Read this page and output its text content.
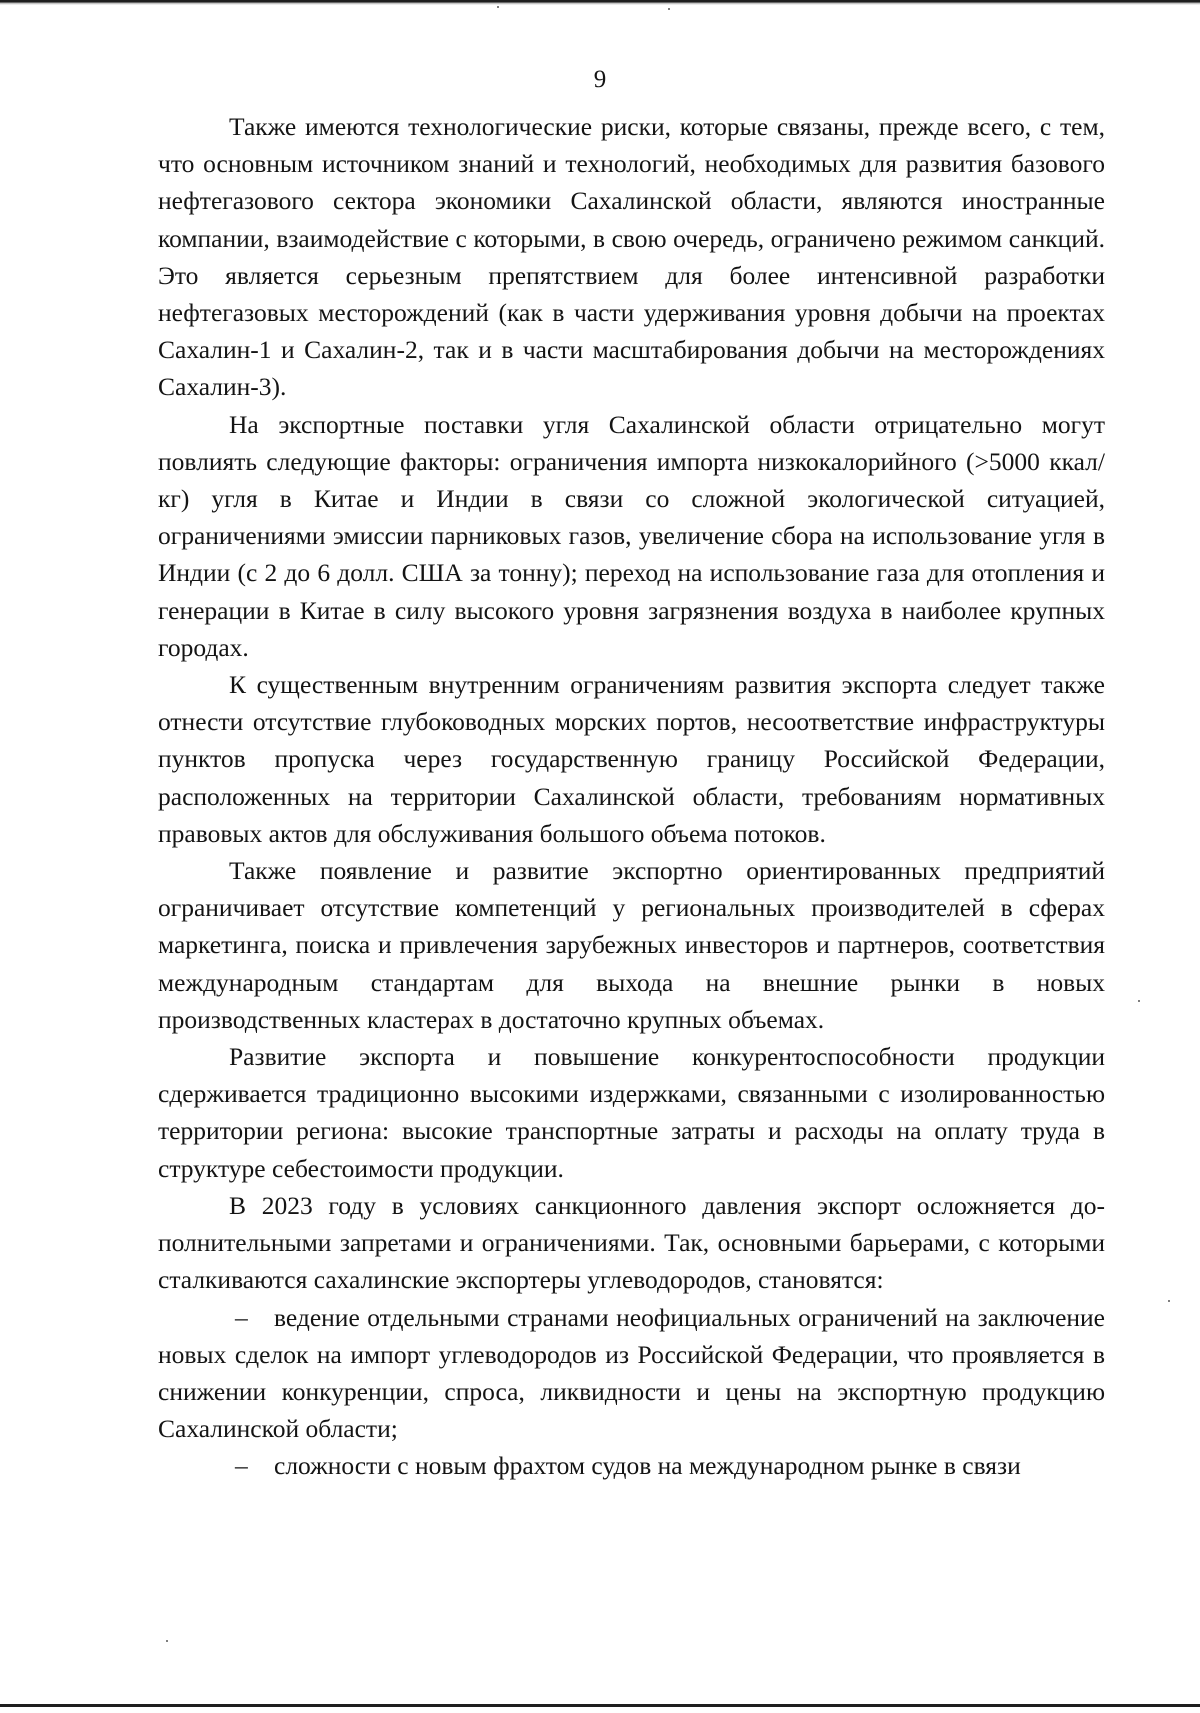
9

Также имеются технологические риски, которые связаны, прежде всего, с тем, что основным источником знаний и технологий, необходимых для развития базового нефтегазового сектора экономики Сахалинской области, являются иностранные компании, взаимодействие с которыми, в свою очередь, ограничено режимом санкций. Это является серьезным препятствием для более интенсивной разработки нефтегазовых месторождений (как в части удерживания уровня добычи на проектах Сахалин-1 и Сахалин-2, так и в части масштабирования добычи на месторождениях Сахалин-3).

На экспортные поставки угля Сахалинской области отрицательно могут повлиять следующие факторы: ограничения импорта низкокалорийного (>5000 ккал/кг) угля в Китае и Индии в связи со сложной экологической ситуацией, ограничениями эмиссии парниковых газов, увеличение сбора на использование угля в Индии (с 2 до 6 долл. США за тонну); переход на использование газа для отопления и генерации в Китае в силу высокого уровня загрязнения воздуха в наиболее крупных городах.

К существенным внутренним ограничениям развития экспорта следует также отнести отсутствие глубоководных морских портов, несоответствие инфраструктуры пунктов пропуска через государственную границу Российской Федерации, расположенных на территории Сахалинской области, требованиям нормативных правовых актов для обслуживания большого объема потоков.

Также появление и развитие экспортно ориентированных предприятий ограничивает отсутствие компетенций у региональных производителей в сферах маркетинга, поиска и привлечения зарубежных инвесторов и партнеров, соответствия международным стандартам для выхода на внешние рынки в новых производственных кластерах в достаточно крупных объемах.

Развитие экспорта и повышение конкурентоспособности продукции сдерживается традиционно высокими издержками, связанными с изолированностью территории региона: высокие транспортные затраты и расходы на оплату труда в структуре себестоимости продукции.

В 2023 году в условиях санкционного давления экспорт осложняется дополнительными запретами и ограничениями. Так, основными барьерами, с которыми сталкиваются сахалинские экспортеры углеводородов, становятся:

– ведение отдельными странами неофициальных ограничений на заключение новых сделок на импорт углеводородов из Российской Федерации, что проявляется в снижении конкуренции, спроса, ликвидности и цены на экспортную продукцию Сахалинской области;
– сложности с новым фрахтом судов на международном рынке в связи
